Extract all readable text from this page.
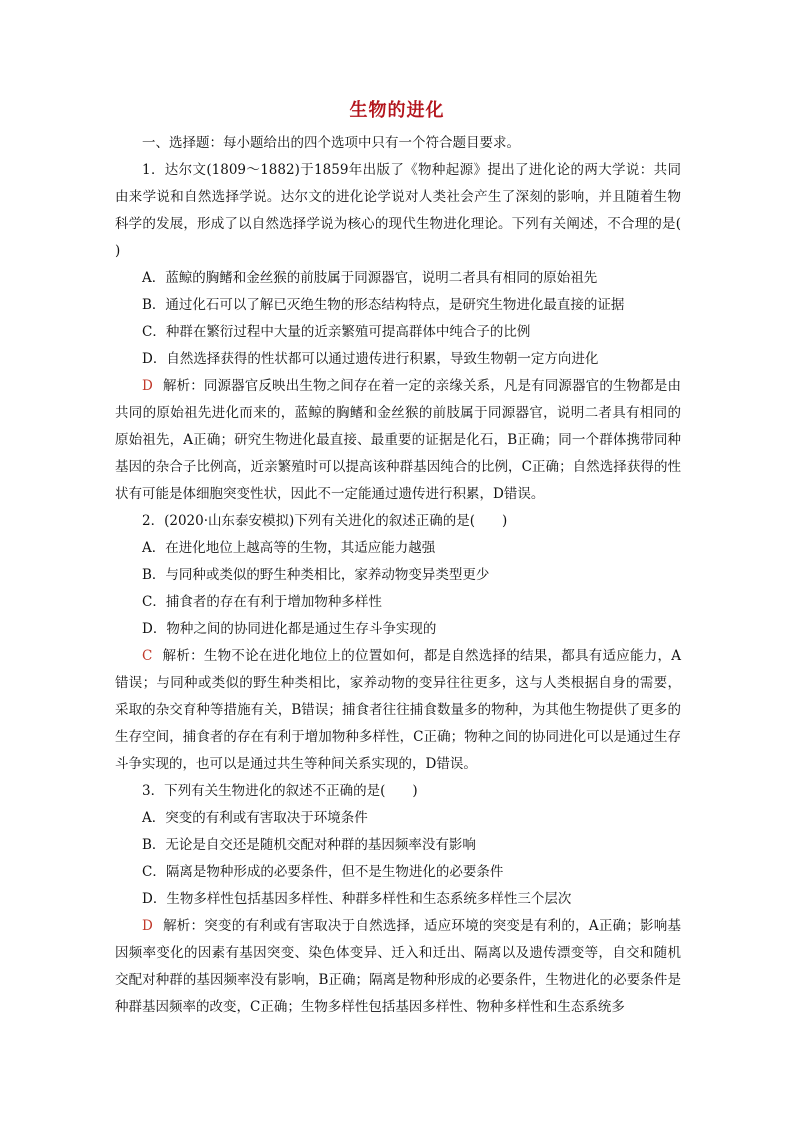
生物的进化

一、选择题：每小题给出的四个选项中只有一个符合题目要求。

1．达尔文(1809～1882)于1859年出版了《物种起源》提出了进化论的两大学说：共同由来学说和自然选择学说。达尔文的进化论学说对人类社会产生了深刻的影响，并且随着生物科学的发展，形成了以自然选择学说为核心的现代生物进化理论。下列有关阐述，不合理的是(　　)

A．蓝鲸的胸鳍和金丝猴的前肢属于同源器官，说明二者具有相同的原始祖先

B．通过化石可以了解已灭绝生物的形态结构特点，是研究生物进化最直接的证据

C．种群在繁衍过程中大量的近亲繁殖可提高群体中纯合子的比例

D．自然选择获得的性状都可以通过遗传进行积累，导致生物朝一定方向进化

D 解析：同源器官反映出生物之间存在着一定的亲缘关系，凡是有同源器官的生物都是由共同的原始祖先进化而来的，蓝鲸的胸鳍和金丝猴的前肢属于同源器官，说明二者具有相同的原始祖先，A正确；研究生物进化最直接、最重要的证据是化石，B正确；同一个群体携带同种基因的杂合子比例高，近亲繁殖时可以提高该种群基因纯合的比例，C正确；自然选择获得的性状有可能是体细胞突变性状，因此不一定能通过遗传进行积累，D错误。

2．(2020·山东泰安模拟)下列有关进化的叙述正确的是(　　)

A．在进化地位上越高等的生物，其适应能力越强

B．与同种或类似的野生种类相比，家养动物变异类型更少

C．捕食者的存在有利于增加物种多样性

D．物种之间的协同进化都是通过生存斗争实现的

C 解析：生物不论在进化地位上的位置如何，都是自然选择的结果，都具有适应能力，A错误；与同种或类似的野生种类相比，家养动物的变异往往更多，这与人类根据自身的需要，采取的杂交育种等措施有关，B错误；捕食者往往捕食数量多的物种，为其他生物提供了更多的生存空间，捕食者的存在有利于增加物种多样性，C正确；物种之间的协同进化可以是通过生存斗争实现的，也可以是通过共生等种间关系实现的，D错误。

3．下列有关生物进化的叙述不正确的是(　　)

A．突变的有利或有害取决于环境条件

B．无论是自交还是随机交配对种群的基因频率没有影响

C．隔离是物种形成的必要条件，但不是生物进化的必要条件

D．生物多样性包括基因多样性、种群多样性和生态系统多样性三个层次

D 解析：突变的有利或有害取决于自然选择，适应环境的突变是有利的，A正确；影响基因频率变化的因素有基因突变、染色体变异、迁入和迁出、隔离以及遗传漂变等，自交和随机交配对种群的基因频率没有影响，B正确；隔离是物种形成的必要条件，生物进化的必要条件是种群基因频率的改变，C正确；生物多样性包括基因多样性、物种多样性和生态系统多
